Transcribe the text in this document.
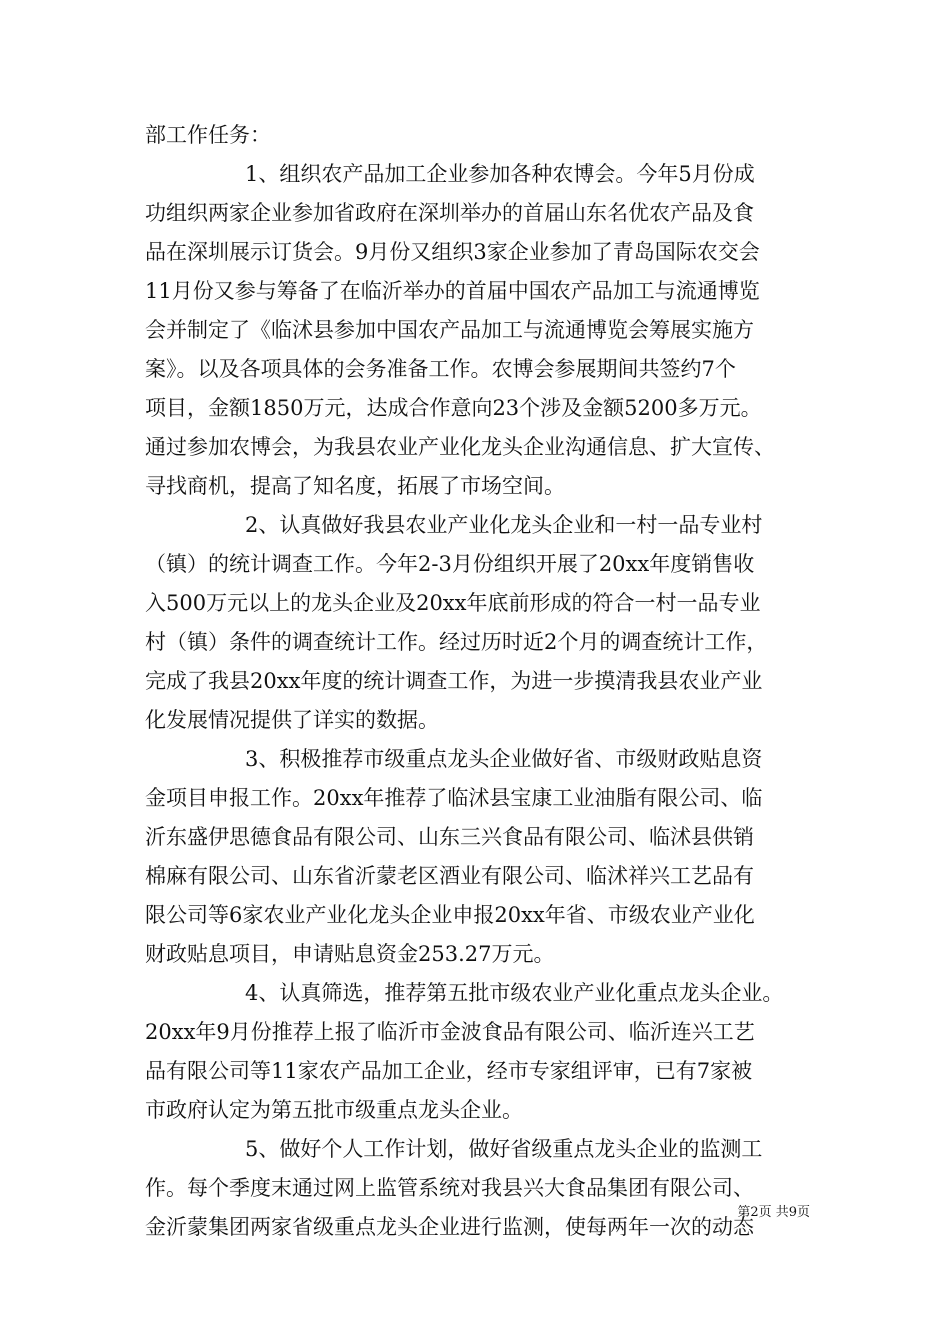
部工作任务：
1、组织农产品加工企业参加各种农博会。今年5月份成
功组织两家企业参加省政府在深圳举办的首届山东名优农产品及食
品在深圳展示订货会。9月份又组织3家企业参加了青岛国际农交会
11月份又参与筹备了在临沂举办的首届中国农产品加工与流通博览
会并制定了《临沭县参加中国农产品加工与流通博览会筹展实施方
案》。以及各项具体的会务准备工作。农博会参展期间共签约7个
项目，金额1850万元，达成合作意向23个涉及金额5200多万元。
通过参加农博会，为我县农业产业化龙头企业沟通信息、扩大宣传、
寻找商机，提高了知名度，拓展了市场空间。
2、认真做好我县农业产业化龙头企业和一村一品专业村
（镇）的统计调查工作。今年2-3月份组织开展了20xx年度销售收
入500万元以上的龙头企业及20xx年底前形成的符合一村一品专业
村（镇）条件的调查统计工作。经过历时近2个月的调查统计工作，
完成了我县20xx年度的统计调查工作，为进一步摸清我县农业产业
化发展情况提供了详实的数据。
3、积极推荐市级重点龙头企业做好省、市级财政贴息资
金项目申报工作。20xx年推荐了临沭县宝康工业油脂有限公司、临
沂东盛伊思德食品有限公司、山东三兴食品有限公司、临沭县供销
棉麻有限公司、山东省沂蒙老区酒业有限公司、临沭祥兴工艺品有
限公司等6家农业产业化龙头企业申报20xx年省、市级农业产业化
财政贴息项目，申请贴息资金253.27万元。
4、认真筛选，推荐第五批市级农业产业化重点龙头企业。
20xx年9月份推荐上报了临沂市金波食品有限公司、临沂连兴工艺
品有限公司等11家农产品加工企业，经市专家组评审，已有7家被
市政府认定为第五批市级重点龙头企业。
5、做好个人工作计划，做好省级重点龙头企业的监测工
作。每个季度末通过网上监管系统对我县兴大食品集团有限公司、
金沂蒙集团两家省级重点龙头企业进行监测，使每两年一次的动态
第2页 共9页
